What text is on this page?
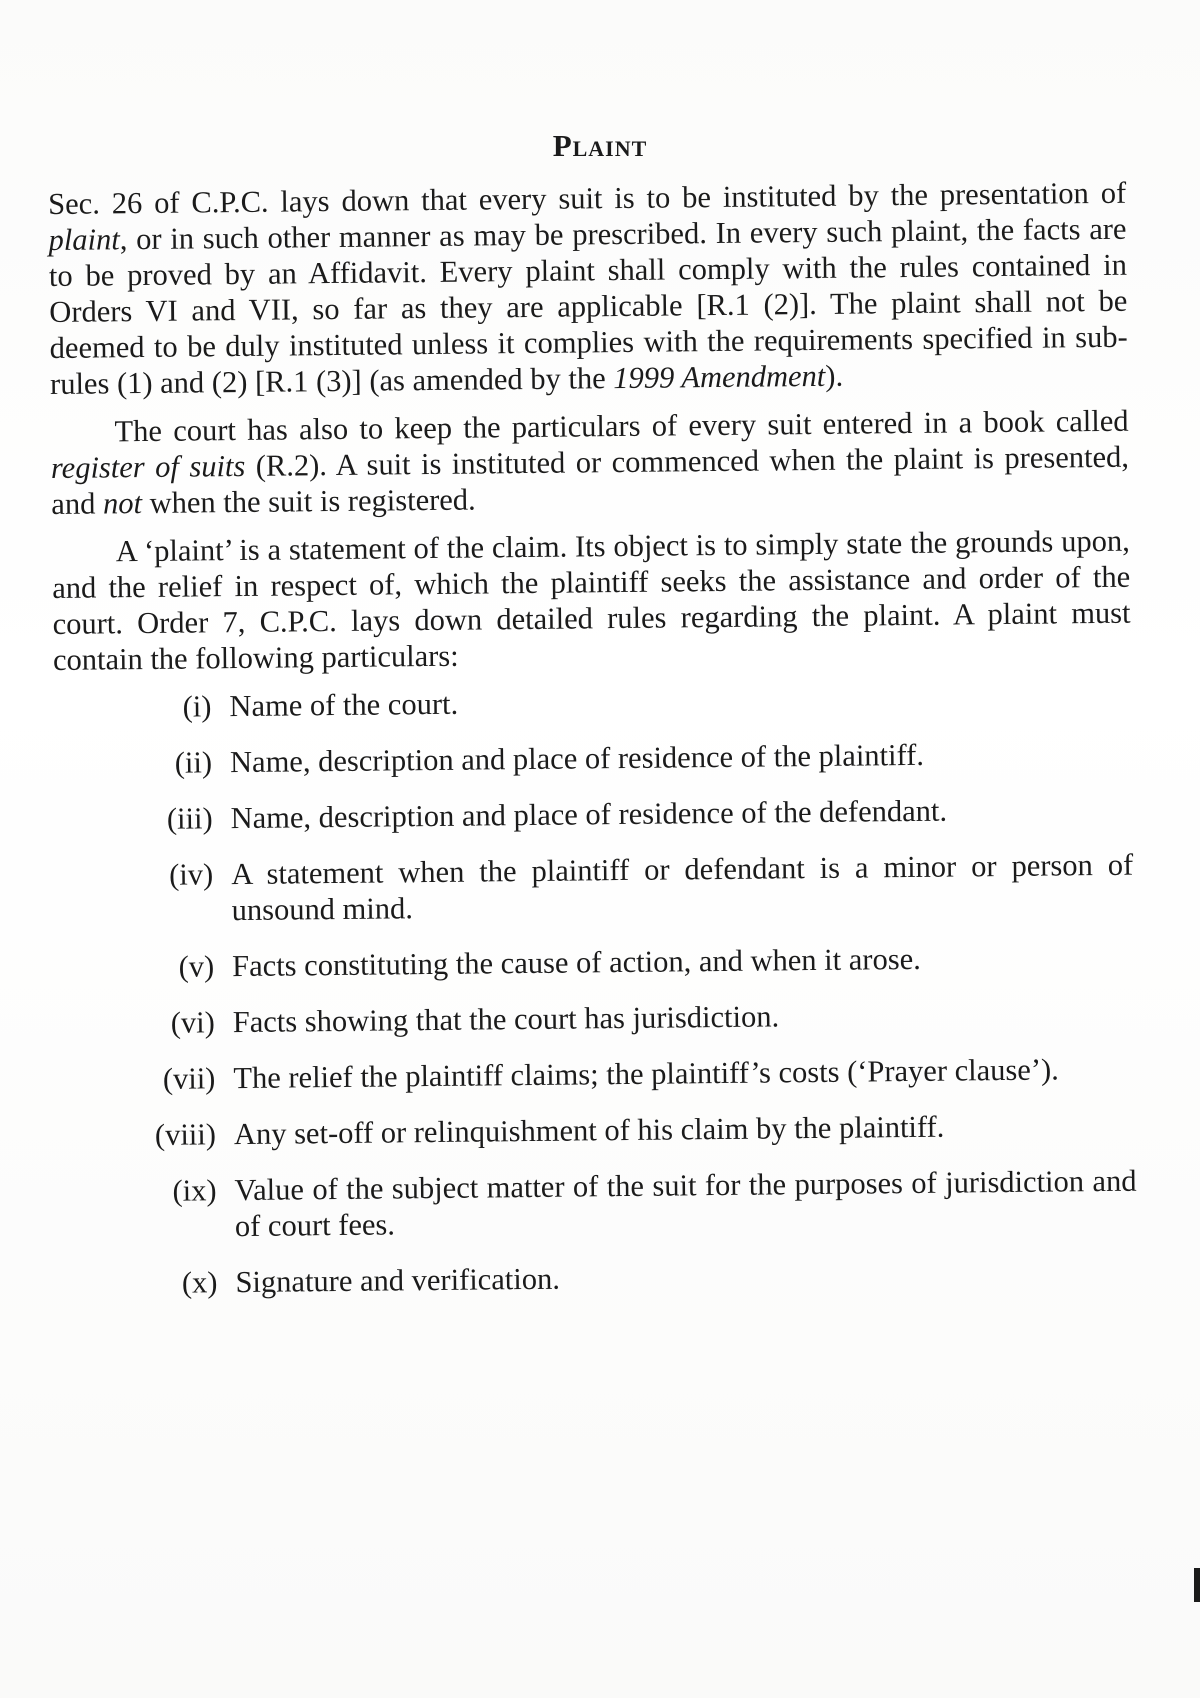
Plaint

Sec. 26 of C.P.C. lays down that every suit is to be instituted by the presentation of plaint, or in such other manner as may be prescribed. In every such plaint, the facts are to be proved by an Affidavit. Every plaint shall comply with the rules contained in Orders VI and VII, so far as they are applicable [R.1 (2)]. The plaint shall not be deemed to be duly instituted unless it complies with the requirements specified in sub-rules (1) and (2) [R.1 (3)] (as amended by the 1999 Amendment).

The court has also to keep the particulars of every suit entered in a book called register of suits (R.2). A suit is instituted or commenced when the plaint is presented, and not when the suit is registered.

A ‘plaint’ is a statement of the claim. Its object is to simply state the grounds upon, and the relief in respect of, which the plaintiff seeks the assistance and order of the court. Order 7, C.P.C. lays down detailed rules regarding the plaint. A plaint must contain the following particulars:

(i) Name of the court.
(ii) Name, description and place of residence of the plaintiff.
(iii) Name, description and place of residence of the defendant.
(iv) A statement when the plaintiff or defendant is a minor or person of unsound mind.
(v) Facts constituting the cause of action, and when it arose.
(vi) Facts showing that the court has jurisdiction.
(vii) The relief the plaintiff claims; the plaintiff’s costs (‘Prayer clause’).
(viii) Any set-off or relinquishment of his claim by the plaintiff.
(ix) Value of the subject matter of the suit for the purposes of jurisdiction and of court fees.
(x) Signature and verification.
